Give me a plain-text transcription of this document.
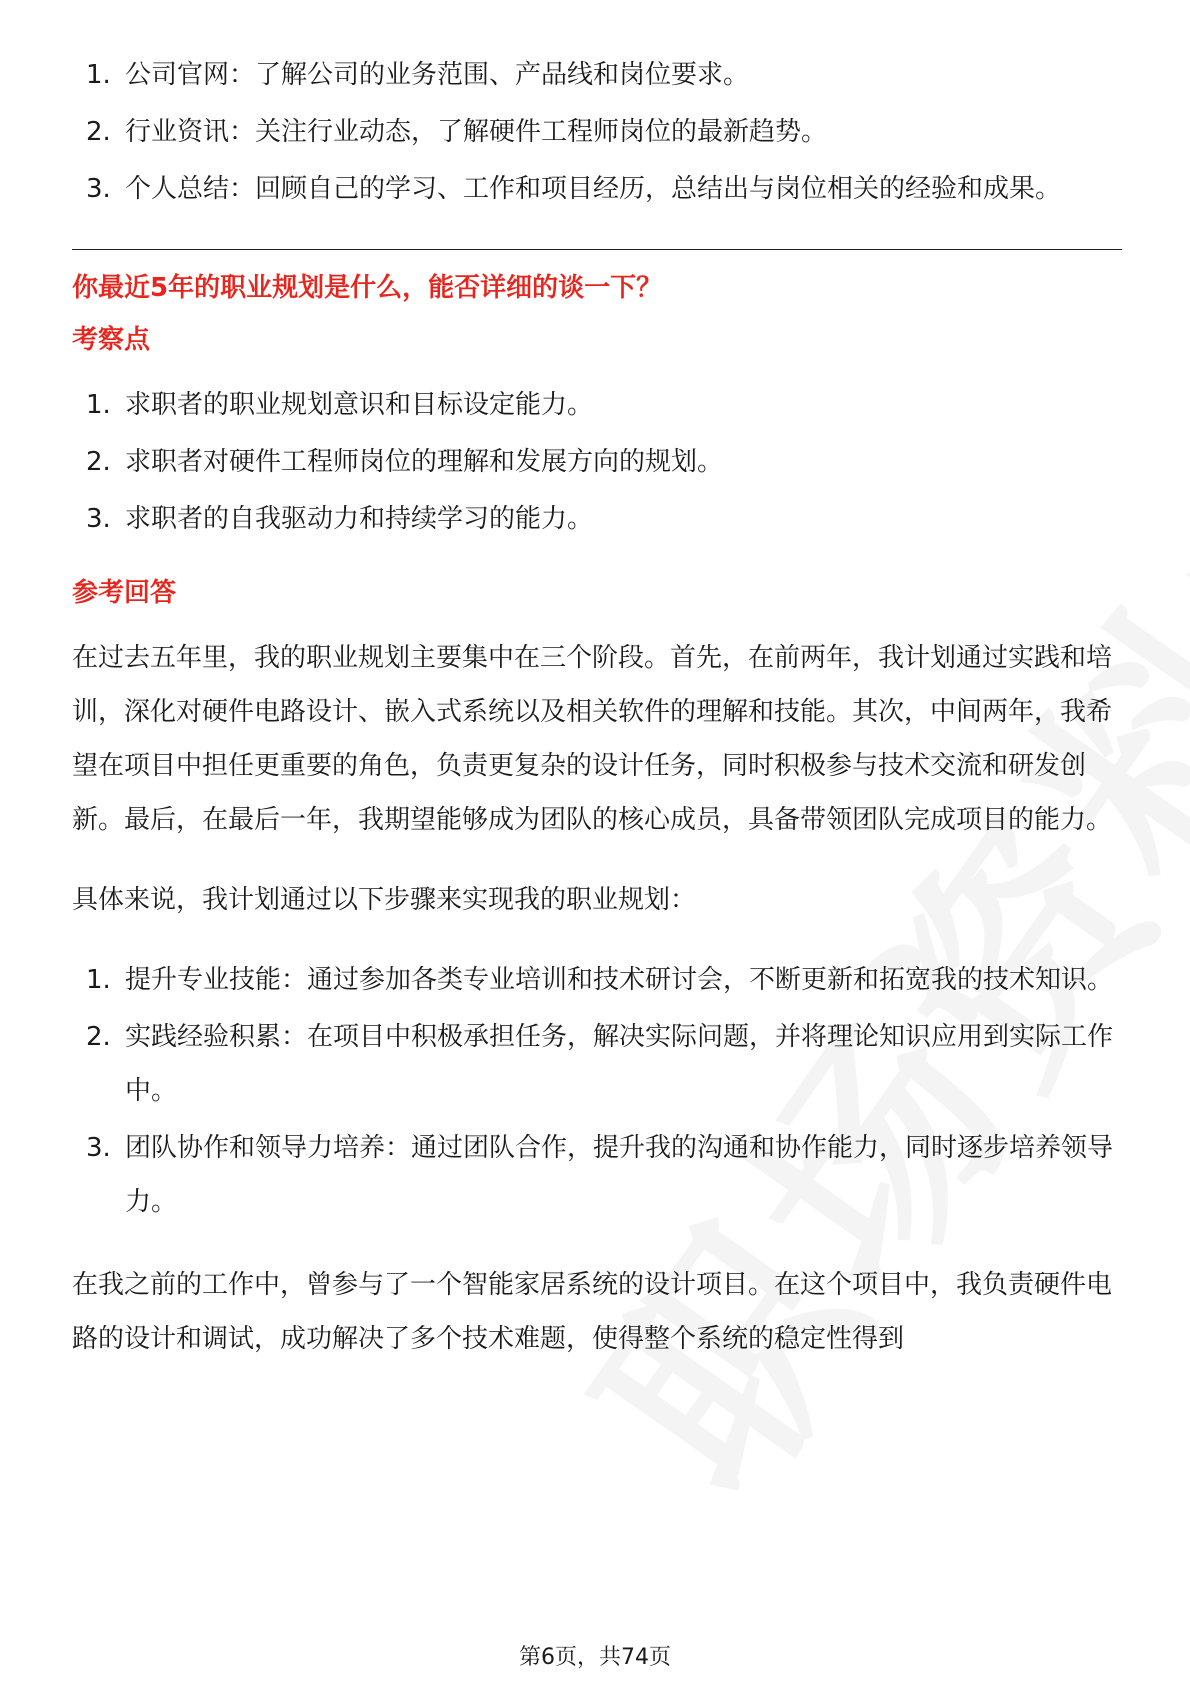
1. 公司官网：了解公司的业务范围、产品线和岗位要求。
2. 行业资讯：关注行业动态，了解硬件工程师岗位的最新趋势。
3. 个人总结：回顾自己的学习、工作和项目经历，总结出与岗位相关的经验和成果。

你最近5年的职业规划是什么，能否详细的谈一下？

考察点

1. 求职者的职业规划意识和目标设定能力。
2. 求职者对硬件工程师岗位的理解和发展方向的规划。
3. 求职者的自我驱动力和持续学习的能力。

参考回答

在过去五年里，我的职业规划主要集中在三个阶段。首先，在前两年，我计划通过实践和培训，深化对硬件电路设计、嵌入式系统以及相关软件的理解和技能。其次，中间两年，我希望在项目中担任更重要的角色，负责更复杂的设计任务，同时积极参与技术交流和研发创新。最后，在最后一年，我期望能够成为团队的核心成员，具备带领团队完成项目的能力。

具体来说，我计划通过以下步骤来实现我的职业规划：

1. 提升专业技能：通过参加各类专业培训和技术研讨会，不断更新和拓宽我的技术知识。
2. 实践经验积累：在项目中积极承担任务，解决实际问题，并将理论知识应用到实际工作中。
3. 团队协作和领导力培养：通过团队合作，提升我的沟通和协作能力，同时逐步培养领导力。

在我之前的工作中，曾参与了一个智能家居系统的设计项目。在这个项目中，我负责硬件电路的设计和调试，成功解决了多个技术难题，使得整个系统的稳定性得到

第6页，共74页
